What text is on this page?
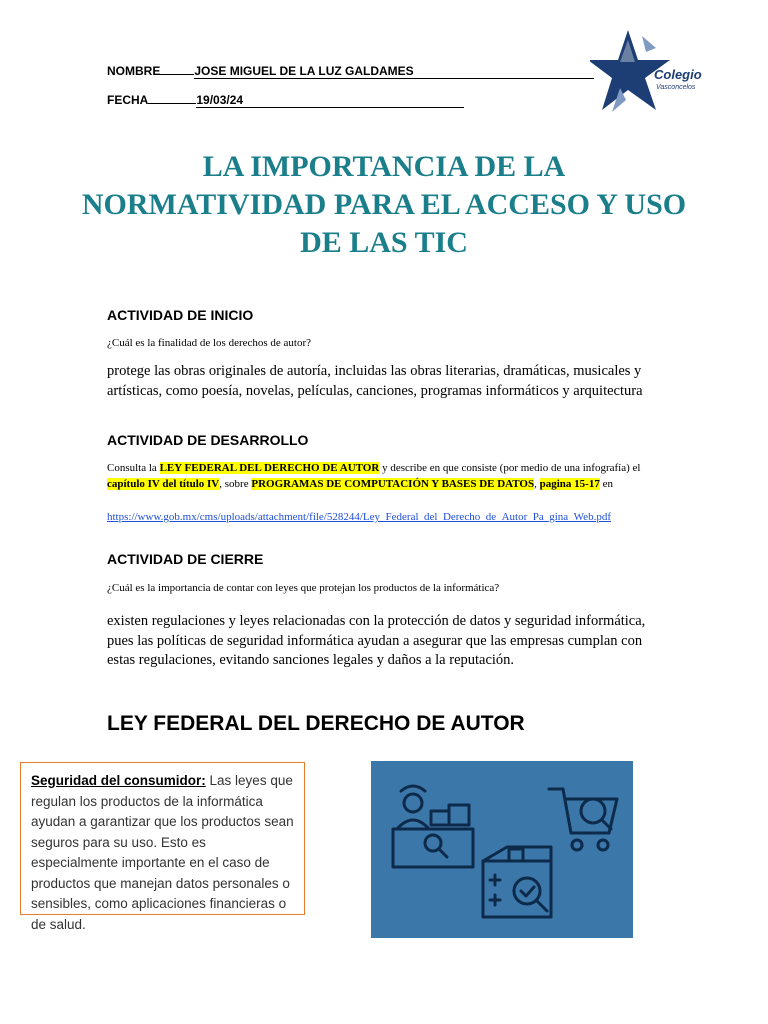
NOMBRE	JOSE MIGUEL DE LA LUZ GALDAMES
FECHA	19/03/24
Colegio
Vasconcelos
LA IMPORTANCIA DE LA NORMATIVIDAD PARA EL ACCESO Y USO DE LAS TIC
ACTIVIDAD DE INICIO
¿Cuál es la finalidad de los derechos de autor?
protege las obras originales de autoría, incluidas las obras literarias, dramáticas, musicales y artísticas, como poesía, novelas, películas, canciones, programas informáticos y arquitectura
ACTIVIDAD DE DESARROLLO
Consulta la LEY FEDERAL DEL DERECHO DE AUTOR y describe en que consiste (por medio de una infografía) el capítulo IV del título IV, sobre PROGRAMAS DE COMPUTACIÓN Y BASES DE DATOS, pagina 15-17 en
https://www.gob.mx/cms/uploads/attachment/file/528244/Ley_Federal_del_Derecho_de_Autor_Pa_gina_Web.pdf
ACTIVIDAD DE CIERRE
¿Cuál es la importancia de contar con leyes que protejan los productos de la informática?
existen regulaciones y leyes relacionadas con la protección de datos y seguridad informática, pues las políticas de seguridad informática ayudan a asegurar que las empresas cumplan con estas regulaciones, evitando sanciones legales y daños a la reputación.
LEY FEDERAL DEL DERECHO DE AUTOR
Seguridad del consumidor: Las leyes que regulan los productos de la informática ayudan a garantizar que los productos sean seguros para su uso. Esto es especialmente importante en el caso de productos que manejan datos personales o sensibles, como aplicaciones financieras o de salud.
